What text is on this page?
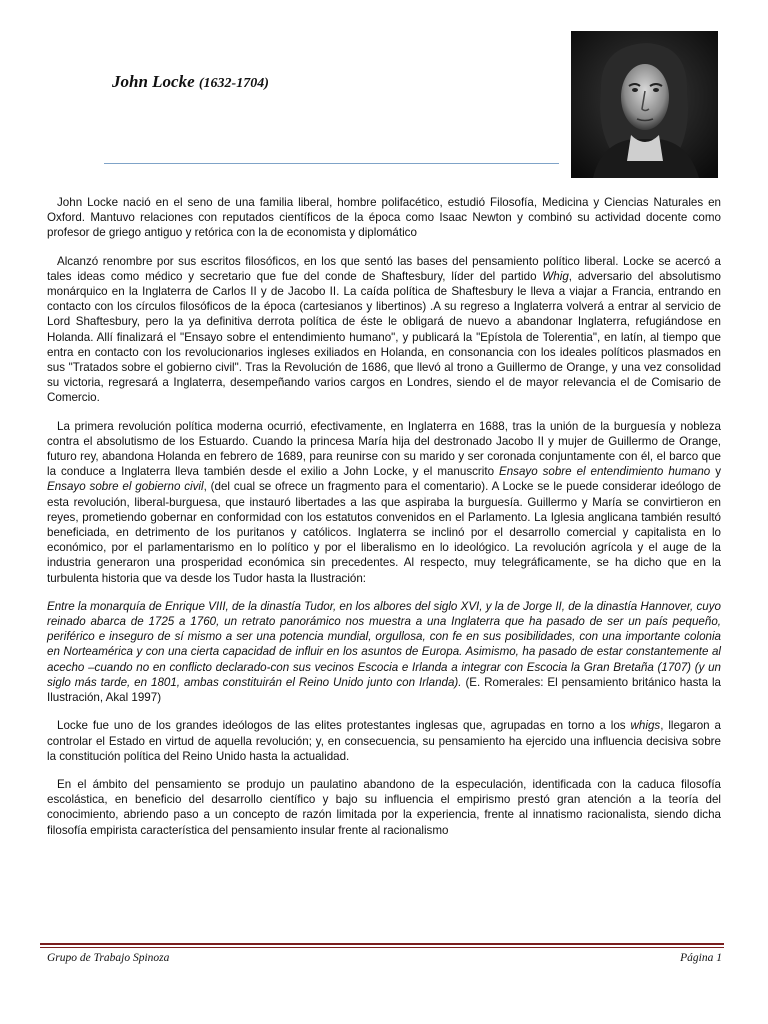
John Locke (1632-1704)

John Locke nació en el seno de una familia liberal, hombre polifacético, estudió Filosofía, Medicina y Ciencias Naturales en Oxford. Mantuvo relaciones con reputados científicos de la época como Isaac Newton y combinó su actividad docente como profesor de griego antiguo y retórica con la de economista y diplomático

Alcanzó renombre por sus escritos filosóficos, en los que sentó las bases del pensamiento político liberal. Locke se acercó a tales ideas como médico y secretario que fue del conde de Shaftesbury, líder del partido Whig, adversario del absolutismo monárquico en la Inglaterra de Carlos II y de Jacobo II. La caída política de Shaftesbury le lleva a viajar a Francia, entrando en contacto con los círculos filosóficos de la época (cartesianos y libertinos) .A su regreso a Inglaterra volverá a entrar al servicio de Lord Shaftesbury, pero la ya definitiva derrota política de éste le obligará de nuevo a abandonar Inglaterra, refugiándose en Holanda. Allí finalizará el "Ensayo sobre el entendimiento humano", y publicará la "Epístola de Tolerentia", en latín, al tiempo que entra en contacto con los revolucionarios ingleses exiliados en Holanda, en consonancia con los ideales políticos plasmados en sus "Tratados sobre el gobierno civil". Tras la Revolución de 1686, que llevó al trono a Guillermo de Orange, y una vez consolidad su victoria, regresará a Inglaterra, desempeñando varios cargos en Londres, siendo el de mayor relevancia el de Comisario de Comercio.

La primera revolución política moderna ocurrió, efectivamente, en Inglaterra en 1688, tras la unión de la burguesía y nobleza contra el absolutismo de los Estuardo. Cuando la princesa María hija del destronado Jacobo II y mujer de Guillermo de Orange, futuro rey, abandona Holanda en febrero de 1689, para reunirse con su marido y ser coronada conjuntamente con él, el barco que la conduce a Inglaterra lleva también desde el exilio a John Locke, y el manuscrito Ensayo sobre el entendimiento humano y Ensayo sobre el gobierno civil, (del cual se ofrece un fragmento para el comentario). A Locke se le puede considerar ideólogo de esta revolución, liberal-burguesa, que instauró libertades a las que aspiraba la burguesía. Guillermo y María se convirtieron en reyes, prometiendo gobernar en conformidad con los estatutos convenidos en el Parlamento. La Iglesia anglicana también resultó beneficiada, en detrimento de los puritanos y católicos. Inglaterra se inclinó por el desarrollo comercial y capitalista en lo económico, por el parlamentarismo en lo político y por el liberalismo en lo ideológico. La revolución agrícola y el auge de la industria generaron una prosperidad económica sin precedentes. Al respecto, muy telegráficamente, se ha dicho que en la turbulenta historia que va desde los Tudor hasta la Ilustración:

Entre la monarquía de Enrique VIII, de la dinastía Tudor, en los albores del siglo XVI, y la de Jorge II, de la dinastía Hannover, cuyo reinado abarca de 1725 a 1760, un retrato panorámico nos muestra a una Inglaterra que ha pasado de ser un país pequeño, periférico e inseguro de sí mismo a ser una potencia mundial, orgullosa, con fe en sus posibilidades, con una importante colonia en Norteamérica y con una cierta capacidad de influir en los asuntos de Europa. Asimismo, ha pasado de estar constantemente al acecho –cuando no en conflicto declarado-con sus vecinos Escocia e Irlanda a integrar con Escocia la Gran Bretaña (1707) (y un siglo más tarde, en 1801, ambas constituirán el Reino Unido junto con Irlanda). (E. Romerales: El pensamiento británico hasta la Ilustración, Akal 1997)

Locke fue uno de los grandes ideólogos de las elites protestantes inglesas que, agrupadas en torno a los whigs, llegaron a controlar el Estado en virtud de aquella revolución; y, en consecuencia, su pensamiento ha ejercido una influencia decisiva sobre la constitución política del Reino Unido hasta la actualidad.

En el ámbito del pensamiento se produjo un paulatino abandono de la especulación, identificada con la caduca filosofía escolástica, en beneficio del desarrollo científico y bajo su influencia el empirismo prestó gran atención a la teoría del conocimiento, abriendo paso a un concepto de razón limitada por la experiencia, frente al innatismo racionalista, siendo dicha filosofía empirista característica del pensamiento insular frente al racionalismo

Grupo de Trabajo Spinoza	Página 1
